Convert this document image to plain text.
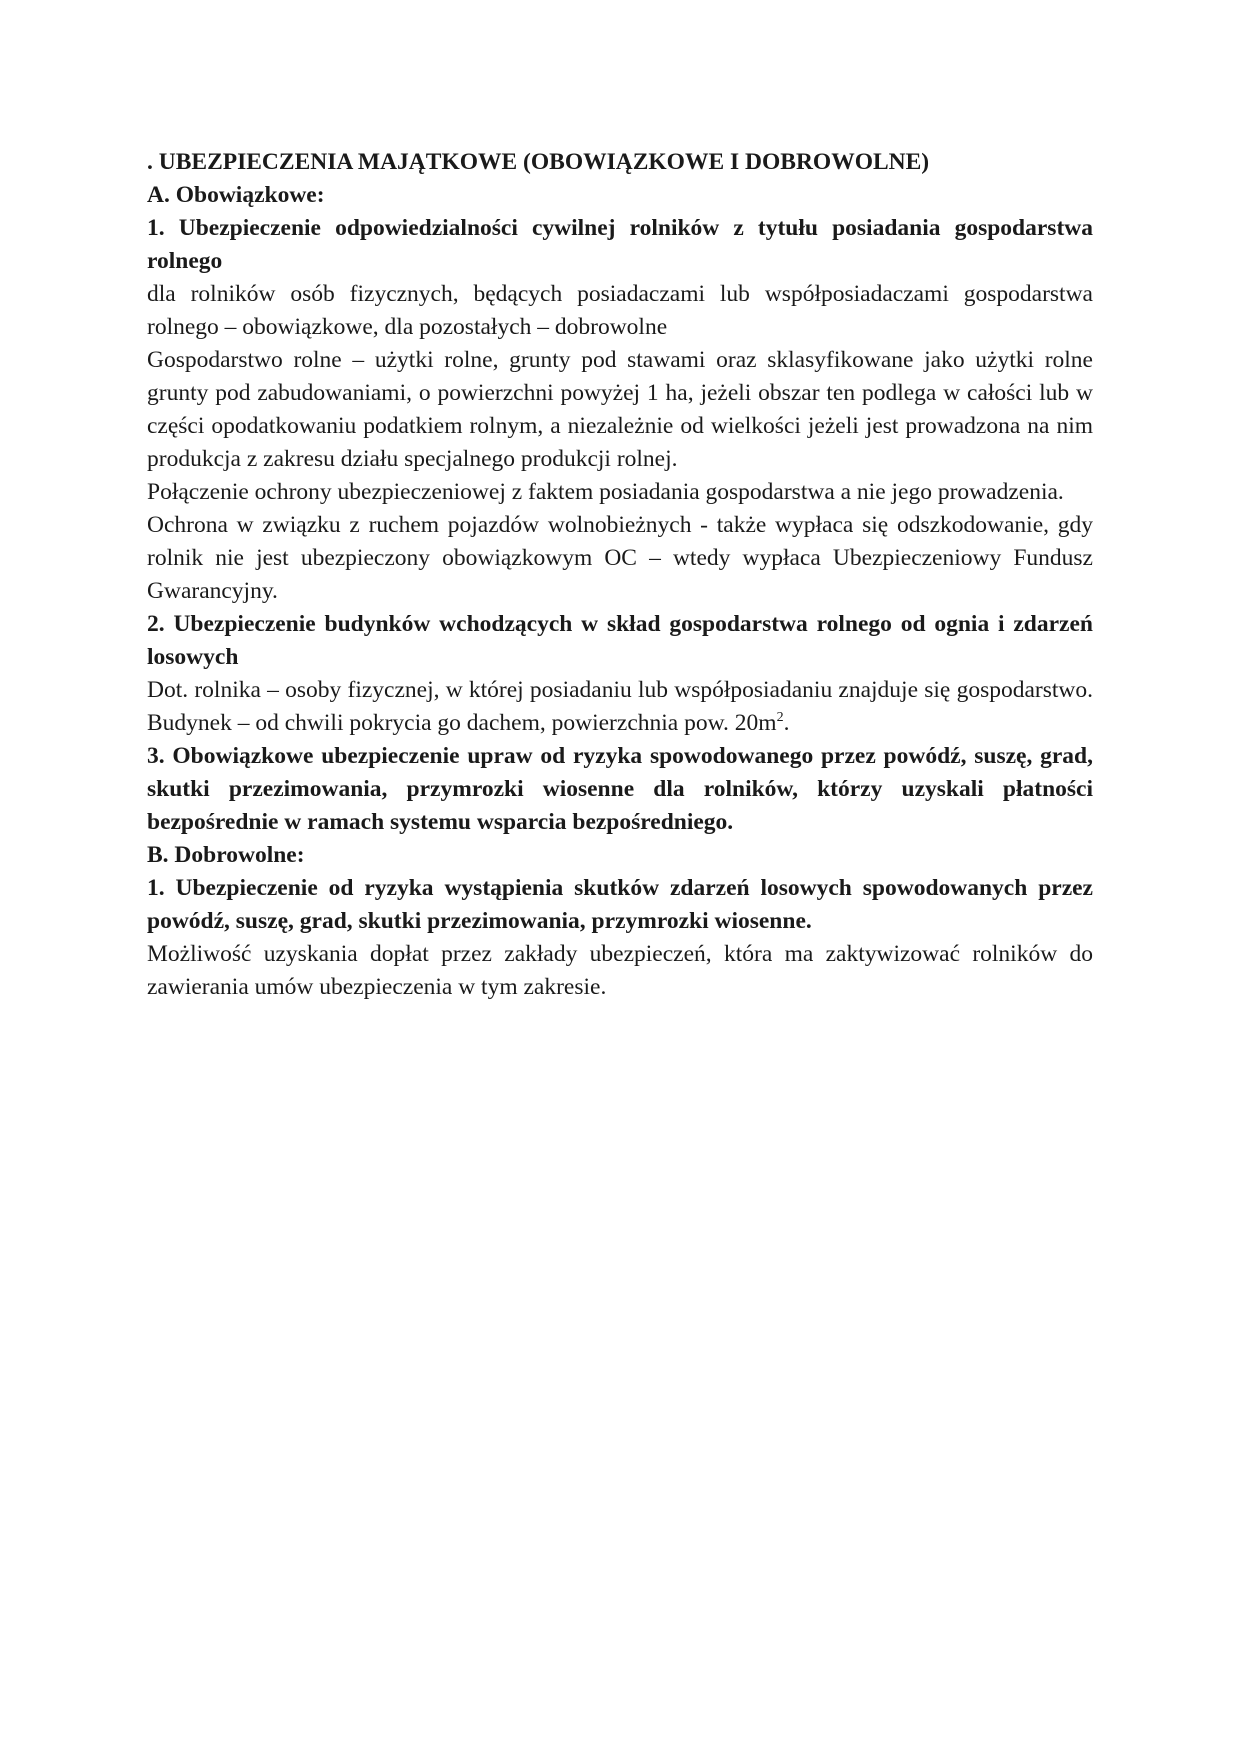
. UBEZPIECZENIA MAJĄTKOWE (OBOWIĄZKOWE I DOBROWOLNE)

A. Obowiązkowe:

1. Ubezpieczenie odpowiedzialności cywilnej rolników z tytułu posiadania gospodarstwa rolnego

dla rolników osób fizycznych, będących posiadaczami lub współposiadaczami gospodarstwa rolnego – obowiązkowe, dla pozostałych – dobrowolne

Gospodarstwo rolne – użytki rolne, grunty pod stawami oraz sklasyfikowane jako użytki rolne grunty pod zabudowaniami, o powierzchni powyżej 1 ha, jeżeli obszar ten podlega w całości lub w części opodatkowaniu podatkiem rolnym, a niezależnie od wielkości jeżeli jest prowadzona na nim produkcja z zakresu działu specjalnego produkcji rolnej.

Połączenie ochrony ubezpieczeniowej z faktem posiadania gospodarstwa a nie jego prowadzenia.

Ochrona w związku z ruchem pojazdów wolnobieżnych - także wypłaca się odszkodowanie, gdy rolnik nie jest ubezpieczony obowiązkowym OC – wtedy wypłaca Ubezpieczeniowy Fundusz Gwarancyjny.

2. Ubezpieczenie budynków wchodzących w skład gospodarstwa rolnego od ognia i zdarzeń losowych

Dot. rolnika – osoby fizycznej, w której posiadaniu lub współposiadaniu znajduje się gospodarstwo. Budynek – od chwili pokrycia go dachem, powierzchnia pow. $20m^2$.

3. Obowiązkowe ubezpieczenie upraw od ryzyka spowodowanego przez powódź, suszę, grad, skutki przezimowania, przymrozki wiosenne dla rolników, którzy uzyskali płatności bezpośrednie w ramach systemu wsparcia bezpośredniego.

B. Dobrowolne:

1. Ubezpieczenie od ryzyka wystąpienia skutków zdarzeń losowych spowodowanych przez powódź, suszę, grad, skutki przezimowania, przymrozki wiosenne.

Możliwość uzyskania dopłat przez zakłady ubezpieczeń, która ma zaktywizować rolników do zawierania umów ubezpieczenia w tym zakresie.
